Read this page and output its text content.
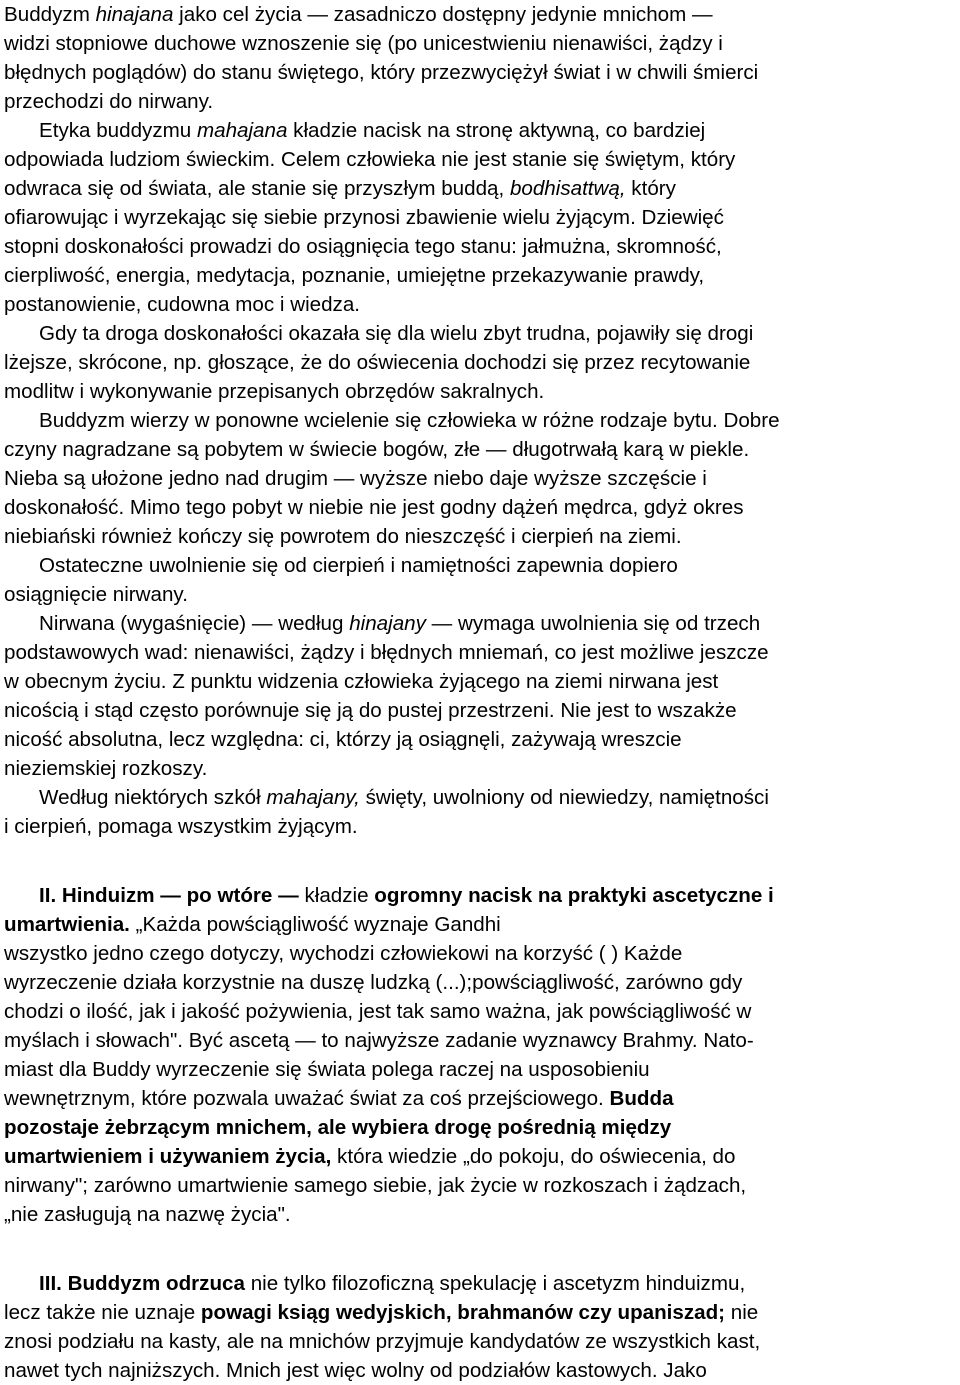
Buddyzm hinajana jako cel życia — zasadniczo dostępny jedynie mnichom —
widzi stopniowe duchowe wznoszenie się (po unicestwieniu nienawiści, żądzy i
błędnych poglądów) do stanu świętego, który przezwyciężył świat i w chwili śmierci
przechodzi do nirwany.
Etyka buddyzmu mahajana kładzie nacisk na stronę aktywną, co bardziej
odpowiada ludziom świeckim. Celem człowieka nie jest stanie się świętym, który
odwraca się od świata, ale stanie się przyszłym buddą, bodhisattwą, który
ofiarowując i wyrzekając się siebie przynosi zbawienie wielu żyjącym. Dziewięć
stopni doskonałości prowadzi do osiągnięcia tego stanu: jałmużna, skromność,
cierpliwość, energia, medytacja, poznanie, umiejętne przekazywanie prawdy,
postanowienie, cudowna moc i wiedza.
Gdy ta droga doskonałości okazała się dla wielu zbyt trudna, pojawiły się drogi
lżejsze, skrócone, np. głoszące, że do oświecenia dochodzi się przez recytowanie
modlitw i wykonywanie przepisanych obrzędów sakralnych.
Buddyzm wierzy w ponowne wcielenie się człowieka w różne rodzaje bytu. Dobre
czyny nagradzane są pobytem w świecie bogów, złe — długotrwałą karą w piekle.
Nieba są ułożone jedno nad drugim — wyższe niebo daje wyższe szczęście i
doskonałość. Mimo tego pobyt w niebie nie jest godny dążeń mędrca, gdyż okres
niebiański również kończy się powrotem do nieszczęść i cierpień na ziemi.
Ostateczne uwolnienie się od cierpień i namiętności zapewnia dopiero
osiągnięcie nirwany.
Nirwana (wygaśnięcie) — według hinajany — wymaga uwolnienia się od trzech
podstawowych wad: nienawiści, żądzy i błędnych mniemań, co jest możliwe jeszcze
w obecnym życiu. Z punktu widzenia człowieka żyjącego na ziemi nirwana jest
nicością i stąd często porównuje się ją do pustej przestrzeni. Nie jest to wszakże
nicość absolutna, lecz względna: ci, którzy ją osiągnęli, zażywają wreszcie
nieziemskiej rozkoszy.
Według niektórych szkół mahajany, święty, uwolniony od niewiedzy, namiętności
i cierpień, pomaga wszystkim żyjącym.
II. Hinduizm — po wtóre — kładzie ogromny nacisk na praktyki ascetyczne i
umartwienia. „Każda powściągliwość wyznaje Gandhi
wszystko jedno czego dotyczy, wychodzi człowiekowi na korzyść ( ) Każde
wyrzeczenie działa korzystnie na duszę ludzką (...);powściągliwość, zarówno gdy
chodzi o ilość, jak i jakość pożywienia, jest tak samo ważna, jak powściągliwość w
myślach i słowach". Być ascetą — to najwyższe zadanie wyznawcy Brahmy. Nato-
miast dla Buddy wyrzeczenie się świata polega raczej na usposobieniu
wewnętrznym, które pozwala uważać świat za coś przejściowego. Budda
pozostaje żebrzącym mnichem, ale wybiera drogę pośrednią między
umartwieniem i używaniem życia, która wiedzie „do pokoju, do oświecenia, do
nirwany"; zarówno umartwienie samego siebie, jak życie w rozkoszach i żądzach,
„nie zasługują na nazwę życia".
III. Buddyzm odrzuca nie tylko filozoficzną spekulację i ascetyzm hinduizmu,
lecz także nie uznaje powagi ksiąg wedyjskich, brahmanów czy upaniszad; nie
znosi podziału na kasty, ale na mnichów przyjmuje kandydatów ze wszystkich kast,
nawet tych najniższych. Mnich jest więc wolny od podziałów kastowych. Jako
